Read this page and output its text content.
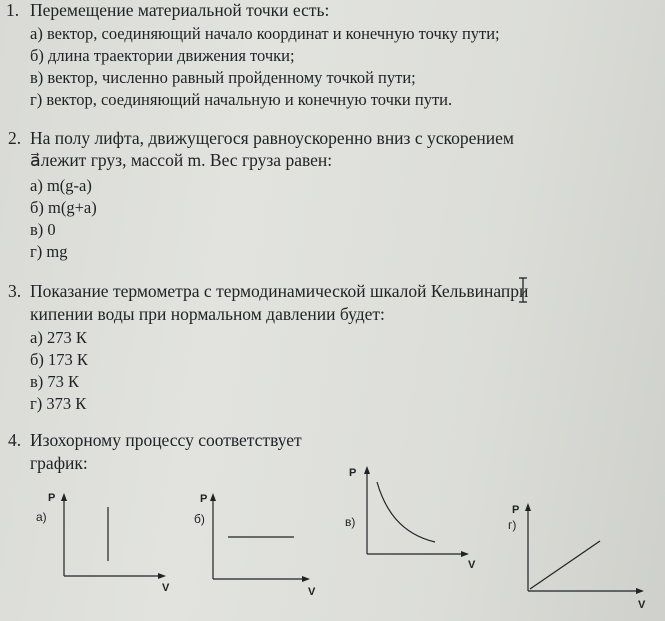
1. Перемещение материальной точки есть:
а) вектор, соединяющий начало координат и конечную точку пути;
б) длина траектории движения точки;
в) вектор, численно равный пройденному точкой пути;
г) вектор, соединяющий начальную и конечную точки пути.
2. На полу лифта, движущегося равноускоренно вниз с ускорением
a⃗лежит груз, массой m. Вес груза равен:
а) m(g-a)
б) m(g+a)
в) 0
г) mg
3. Показание термометра с термодинамической шкалой Кельвинапри
кипении воды при нормальном давлении будет:
а) 273 К
б) 173 К
в) 73 К
г) 373 К
4. Изохорному процессу соответствует
график:
а)
P
V
б)
P
V
P
V
в)
P
г)
V
